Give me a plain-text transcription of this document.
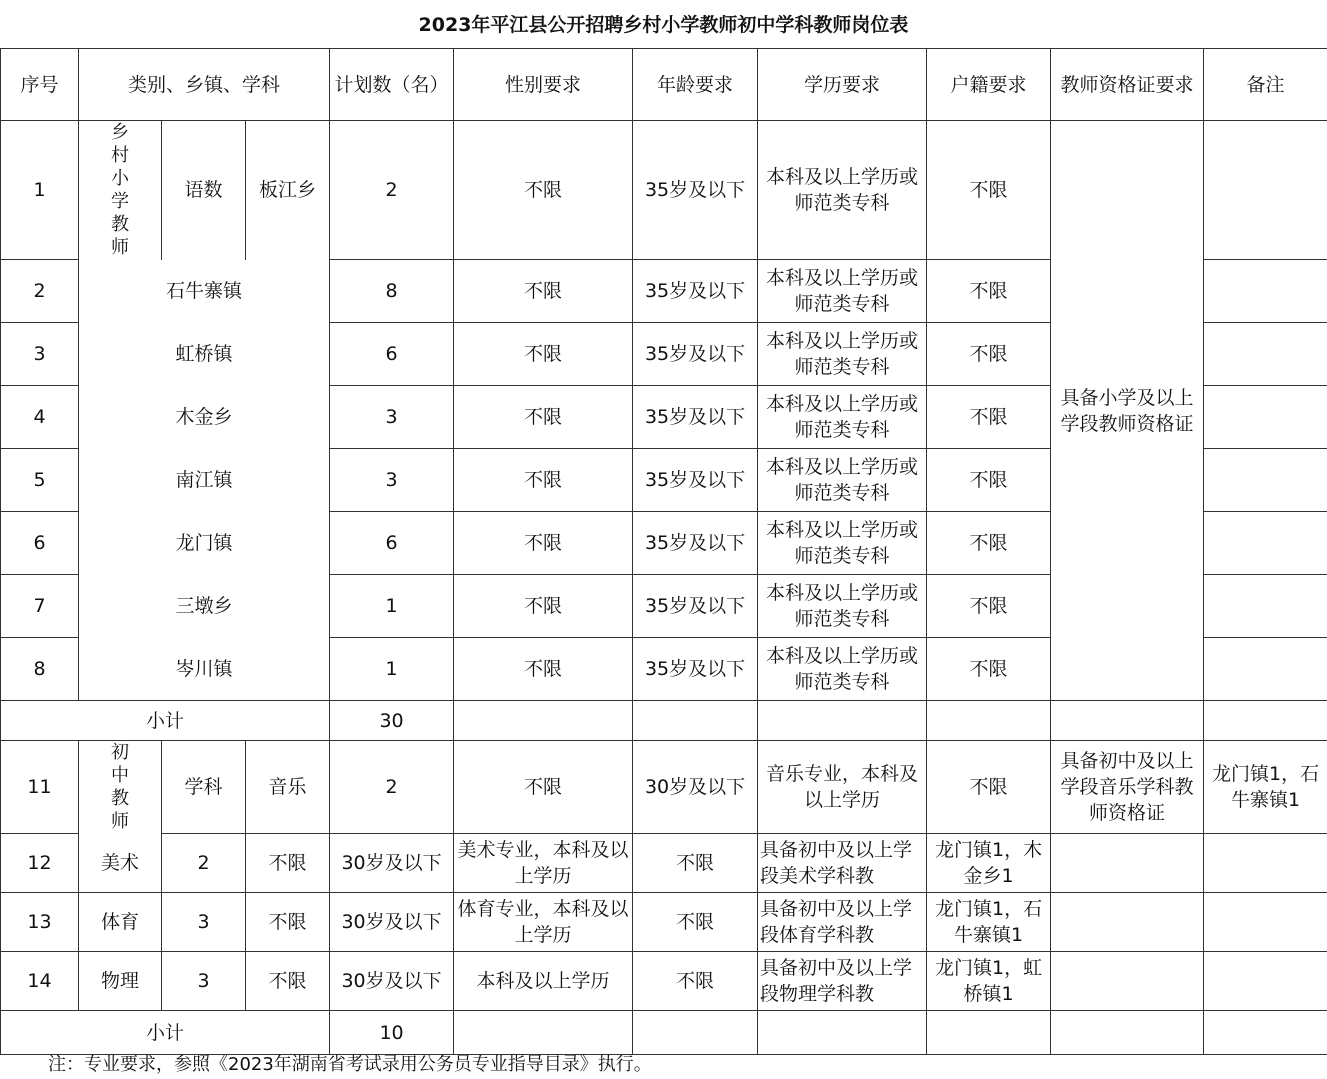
2023年平江县公开招聘乡村小学教师初中学科教师岗位表
序号	类别、乡镇、学科			计划数（名）	性别要求	年龄要求	学历要求	户籍要求	教师资格证要求	备注
1	乡村小学教师	语数	板江乡	2	不限	35岁及以下	本科及以上学历或师范类专科	不限	具备小学及以上学段教师资格证	
2	石牛寨镇			8	不限	35岁及以下	本科及以上学历或师范类专科	不限		
3	虹桥镇			6	不限	35岁及以下	本科及以上学历或师范类专科	不限		
4	木金乡			3	不限	35岁及以下	本科及以上学历或师范类专科	不限		
5	南江镇			3	不限	35岁及以下	本科及以上学历或师范类专科	不限		
6	龙门镇			6	不限	35岁及以下	本科及以上学历或师范类专科	不限		
7	三墩乡			1	不限	35岁及以下	本科及以上学历或师范类专科	不限		
8	岑川镇			1	不限	35岁及以下	本科及以上学历或师范类专科	不限		
小计				30						
11	初中教师	学科	音乐	2	不限	30岁及以下	音乐专业，本科及以上学历	不限	具备初中及以上学段音乐学科教师资格证	龙门镇1，石牛寨镇1
12	美术	2	不限	30岁及以下	美术专业，本科及以上学历	不限	具备初中及以上学段美术学科教	龙门镇1，木金乡1		
13	体育	3	不限	30岁及以下	体育专业，本科及以上学历	不限	具备初中及以上学段体育学科教	龙门镇1，石牛寨镇1		
14	物理	3	不限	30岁及以下	本科及以上学历	不限	具备初中及以上学段物理学科教	龙门镇1，虹桥镇1		
小计				10						
注：专业要求，参照《2023年湖南省考试录用公务员专业指导目录》执行。
